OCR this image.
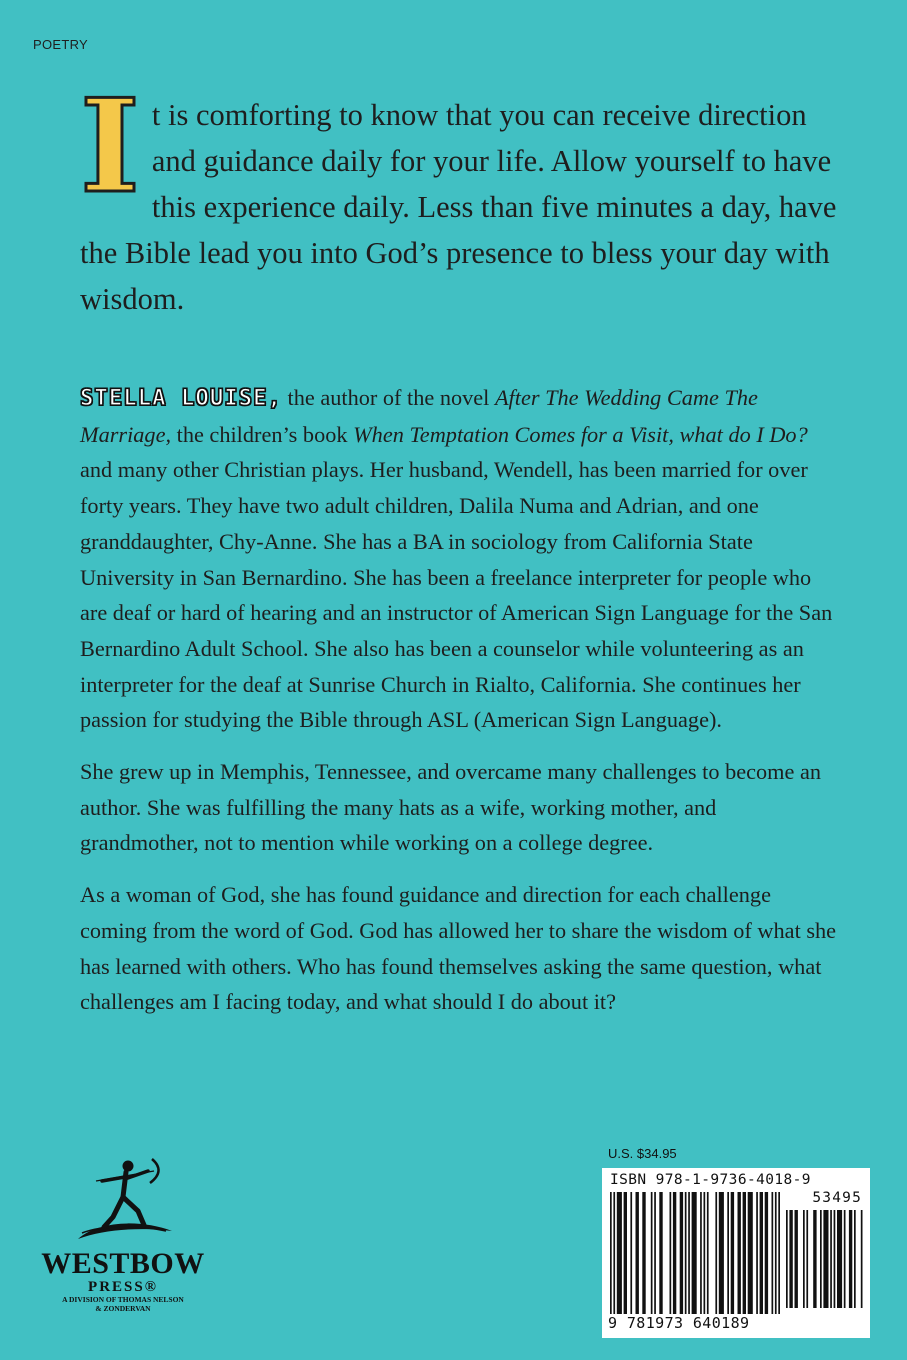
POETRY
It is comforting to know that you can receive direction and guidance daily for your life. Allow yourself to have this experience daily. Less than five minutes a day, have the Bible lead you into God’s presence to bless your day with wisdom.

STELLA LOUISE, the author of the novel After The Wedding Came The Marriage, the children’s book When Temptation Comes for a Visit, what do I Do? and many other Christian plays. Her husband, Wendell, has been married for over forty years. They have two adult children, Dalila Numa and Adrian, and one granddaughter, Chy-Anne. She has a BA in sociology from California State University in San Bernardino. She has been a freelance interpreter for people who are deaf or hard of hearing and an instructor of American Sign Language for the San Bernardino Adult School. She also has been a counselor while volunteering as an interpreter for the deaf at Sunrise Church in Rialto, California. She continues her passion for studying the Bible through ASL (American Sign Language).

She grew up in Memphis, Tennessee, and overcame many challenges to become an author. She was fulfilling the many hats as a wife, working mother, and grandmother, not to mention while working on a college degree.

As a woman of God, she has found guidance and direction for each challenge coming from the word of God. God has allowed her to share the wisdom of what she has learned with others. Who has found themselves asking the same question, what challenges am I facing today, and what should I do about it?

WESTBOW
PRESS®
A DIVISION OF THOMAS NELSON
& ZONDERVAN
U.S. $34.95
ISBN 978-1-9736-4018-9
53495
9 781973 640189
